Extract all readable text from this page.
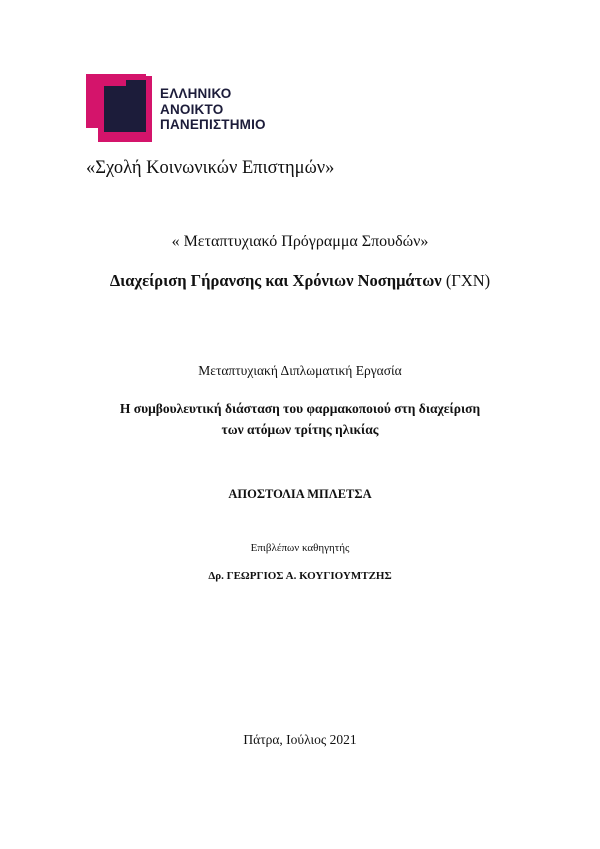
ΕΛΛΗΝΙΚΟ
ΑΝΟΙΚΤΟ
ΠΑΝΕΠΙΣΤΗΜΙΟ
«Σχολή Κοινωνικών Επιστημών»
« Μεταπτυχιακό Πρόγραμμα Σπουδών»
Διαχείριση Γήρανσης και Χρόνιων Νοσημάτων (ΓΧΝ)
Μεταπτυχιακή Διπλωματική Εργασία
Η συμβουλευτική διάσταση του φαρμακοποιού στη διαχείριση
των ατόμων τρίτης ηλικίας
ΑΠΟΣΤΟΛΙΑ ΜΠΛΕΤΣΑ
Επιβλέπων καθηγητής
Δρ. ΓΕΩΡΓΙΟΣ Α. ΚΟΥΓΙΟΥΜΤΖΗΣ
Πάτρα, Ιούλιος 2021
